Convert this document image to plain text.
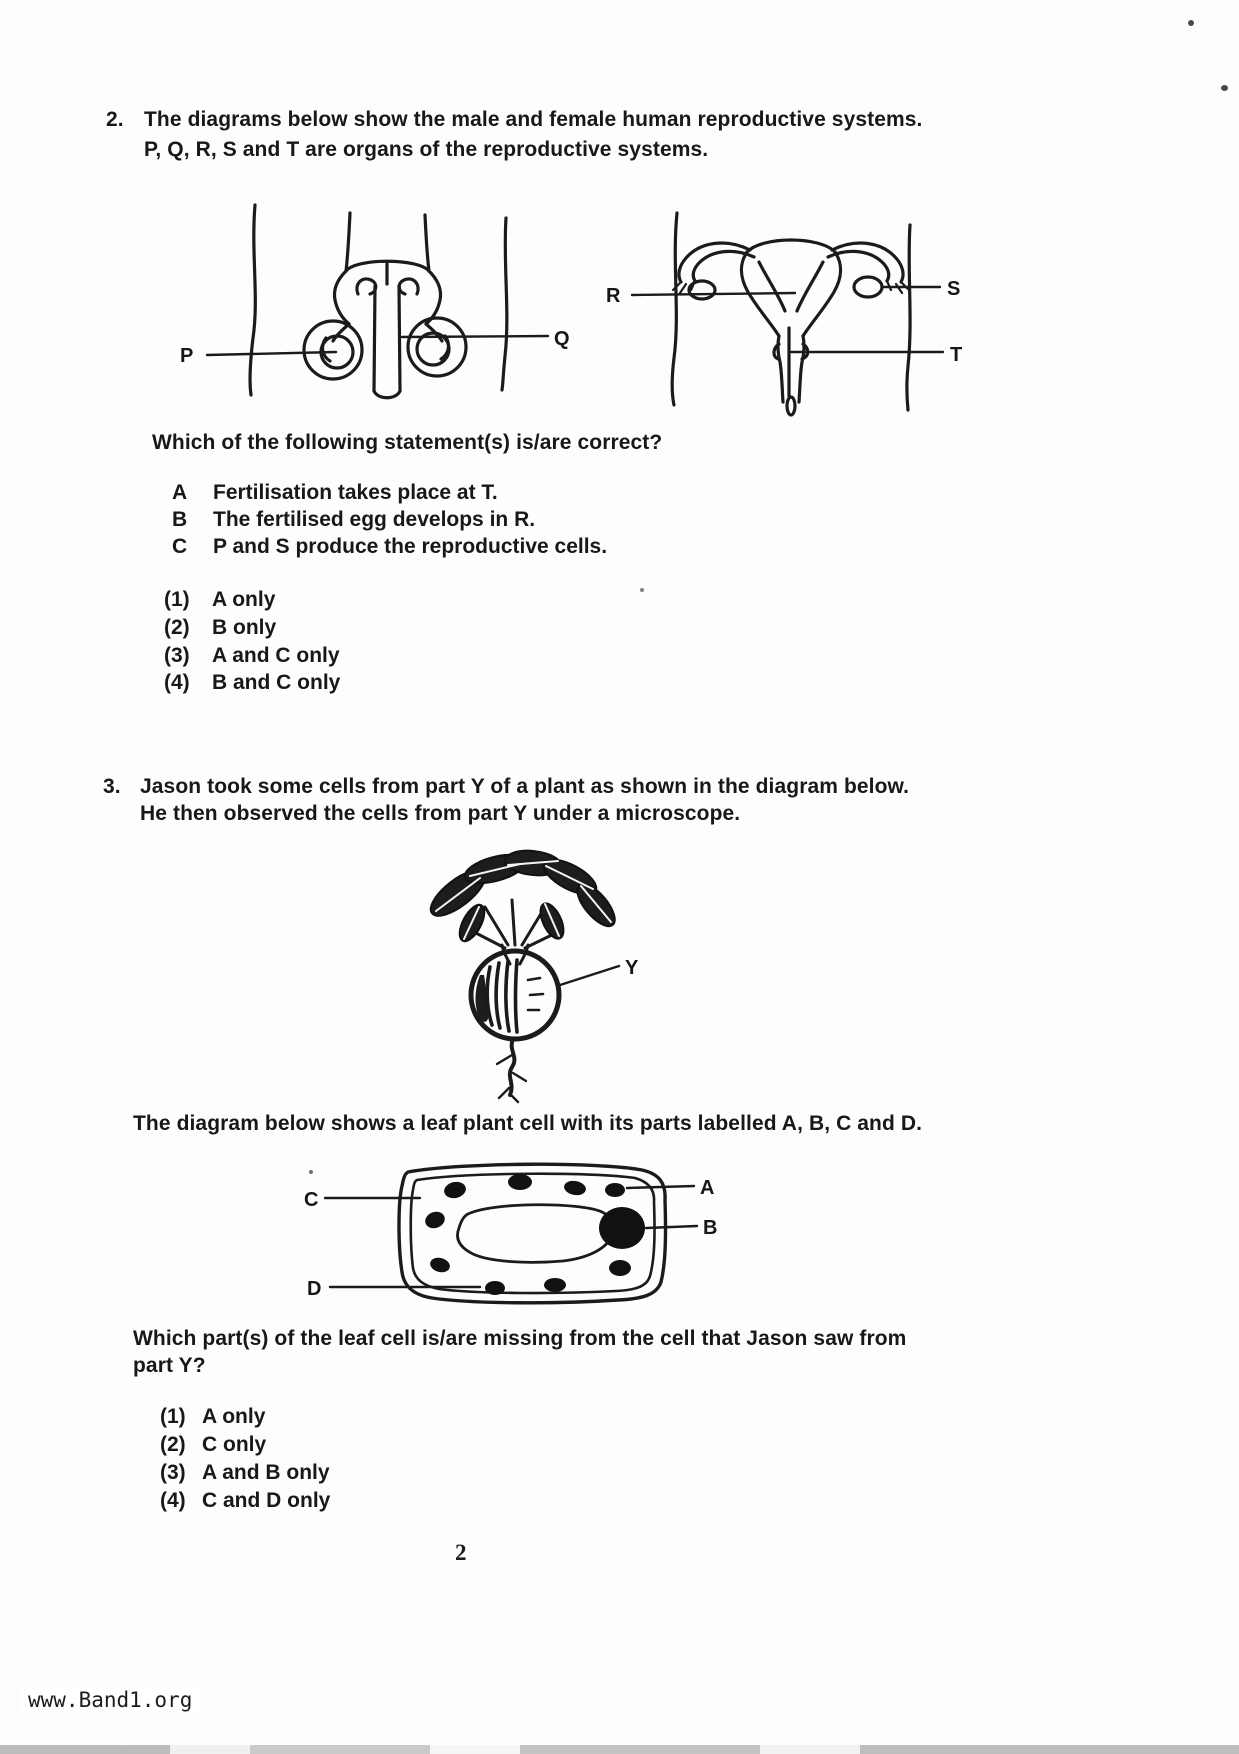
2. The diagrams below show the male and female human reproductive systems.
P, Q, R, S and T are organs of the reproductive systems.
P
Q
R	S
T
Which of the following statement(s) is/are correct?
A Fertilisation takes place at T.
B The fertilised egg develops in R.
C P and S produce the reproductive cells.
(1) A only
(2) B only
(3) A and C only
(4) B and C only
3. Jason took some cells from part Y of a plant as shown in the diagram below.
He then observed the cells from part Y under a microscope.
Y
The diagram below shows a leaf plant cell with its parts labelled A, B, C and D.
C
D
A
B
Which part(s) of the leaf cell is/are missing from the cell that Jason saw from
part Y?
(1) A only
(2) C only
(3) A and B only
(4) C and D only
2
www.Band1.org
